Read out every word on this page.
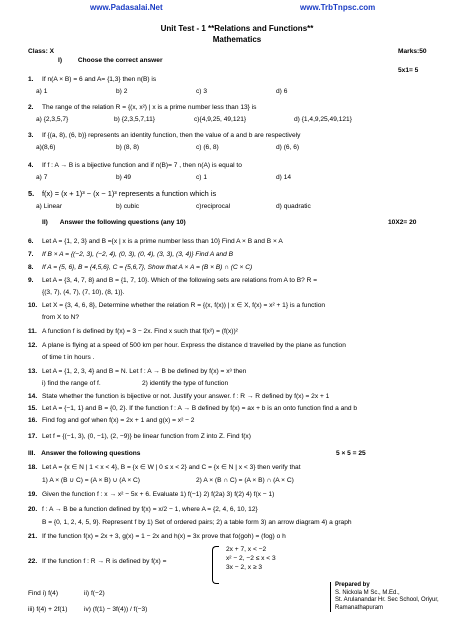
www.Padasalai.Net	www.TrbTnpsc.com
Unit Test - 1 **Relations and Functions**
Mathematics
Class: X	Marks:50
I) Choose the correct answer
5x1= 5
1. If n(A × B) = 6 and A= {1,3} then n(B) is
a) 1	b) 2	c) 3	d) 6
2. The range of the relation R = {(x, x²) | x is a prime number less than 13} is
a) {2,3,5,7}	b) {2,3,5,7,11}	c){4,9,25, 49,121}	d) {1,4,9,25,49,121}
3. If {(a, 8), (6, b)} represents an identity function, then the value of a and b are respectively
a)(8,6)	b) (8, 8)	c) (6, 8)	d) (6, 6)
4. If f : A → B is a bijective function and if n(B)= 7 , then n(A) is equal to
a) 7	b) 49	c) 1	d) 14
5. f(x) = (x + 1)³ − (x − 1)³ represents a function which is
a) Linear	b) cubic	c)reciprocal	d) quadratic
II) Answer the following questions (any 10)	10X2= 20
6. Let A = {1, 2, 3} and B ={x | x is a prime number less than 10} Find A × B and B × A
7. If B × A = {(−2, 3), (−2, 4), (0, 3), (0, 4), (3, 3), (3, 4)} Find A and B
8. If A = {5, 6}, B = {4,5,6}, C = {5,6,7}, Show that A × A = (B × B) ∩ (C × C)
9. Let A = {3, 4, 7, 8} and B = {1, 7, 10}. Which of the following sets are relations from A to B? R =
{(3, 7), (4, 7), (7, 10), (8, 1)}.
10. Let X = {3, 4, 6, 8}, Determine whether the relation R = {(x, f(x)) | x ∈ X, f(x) = x² + 1} is a function
from X to N?
11. A function f is defined by f(x) = 3 − 2x. Find x such that f(x²) = (f(x))²
12. A plane is flying at a speed of 500 km per hour. Express the distance d travelled by the plane as function
of time t in hours .
13. Let A = {1, 2, 3, 4} and B = N. Let f : A → B be defined by f(x) = x³ then
i) find the range of f.	2) identify the type of function
14. State whether the function is bijective or not. Justify your answer. f : R → R defined by f(x) = 2x + 1
15. Let A = {−1, 1} and B = {0, 2}. If the function f : A → B defined by f(x) = ax + b is an onto function find a and b
16. Find fog and gof when f(x) = 2x + 1 and g(x) = x² − 2
17. Let f = {(−1, 3), (0, −1), (2, −9)} be linear function from Z into Z. Find f(x)
III. Answer the following questions	5 × 5 = 25
18. Let A = {x ∈ N | 1 < x < 4}, B = {x ∈ W | 0 ≤ x < 2} and C = {x ∈ N | x < 3} then verify that
1) A × (B ∪ C) = (A × B) ∪ (A × C)	2) A × (B ∩ C) = (A × B) ∩ (A × C)
19. Given the function f : x → x² − 5x + 6. Evaluate 1) f(−1) 2) f(2a) 3) f(2) 4) f(x − 1)
20. f : A → B be a function defined by f(x) = x/2 − 1, where A = {2, 4, 6, 10, 12}
B = {0, 1, 2, 4, 5, 9}. Represent f by 1) Set of ordered pairs; 2) a table form 3) an arrow diagram 4) a graph
21. If the function f(x) = 2x + 3, g(x) = 1 − 2x and h(x) = 3x prove that fo(goh) = (fog) o h
22. If the function f : R → R is defined by f(x) =
2x + 7, x < −2
x² − 2, −2 ≤ x < 3
3x − 2, x ≥ 3
Find i) f(4)	ii) f(−2)
iii) f(4) + 2f(1)	iv) (f(1) − 3f(4)) / f(−3)
Prepared by
S. Nickola M Sc., M.Ed.,
St. Arulanandar Hr. Sec School, Oriyur,
Ramanathapuram
